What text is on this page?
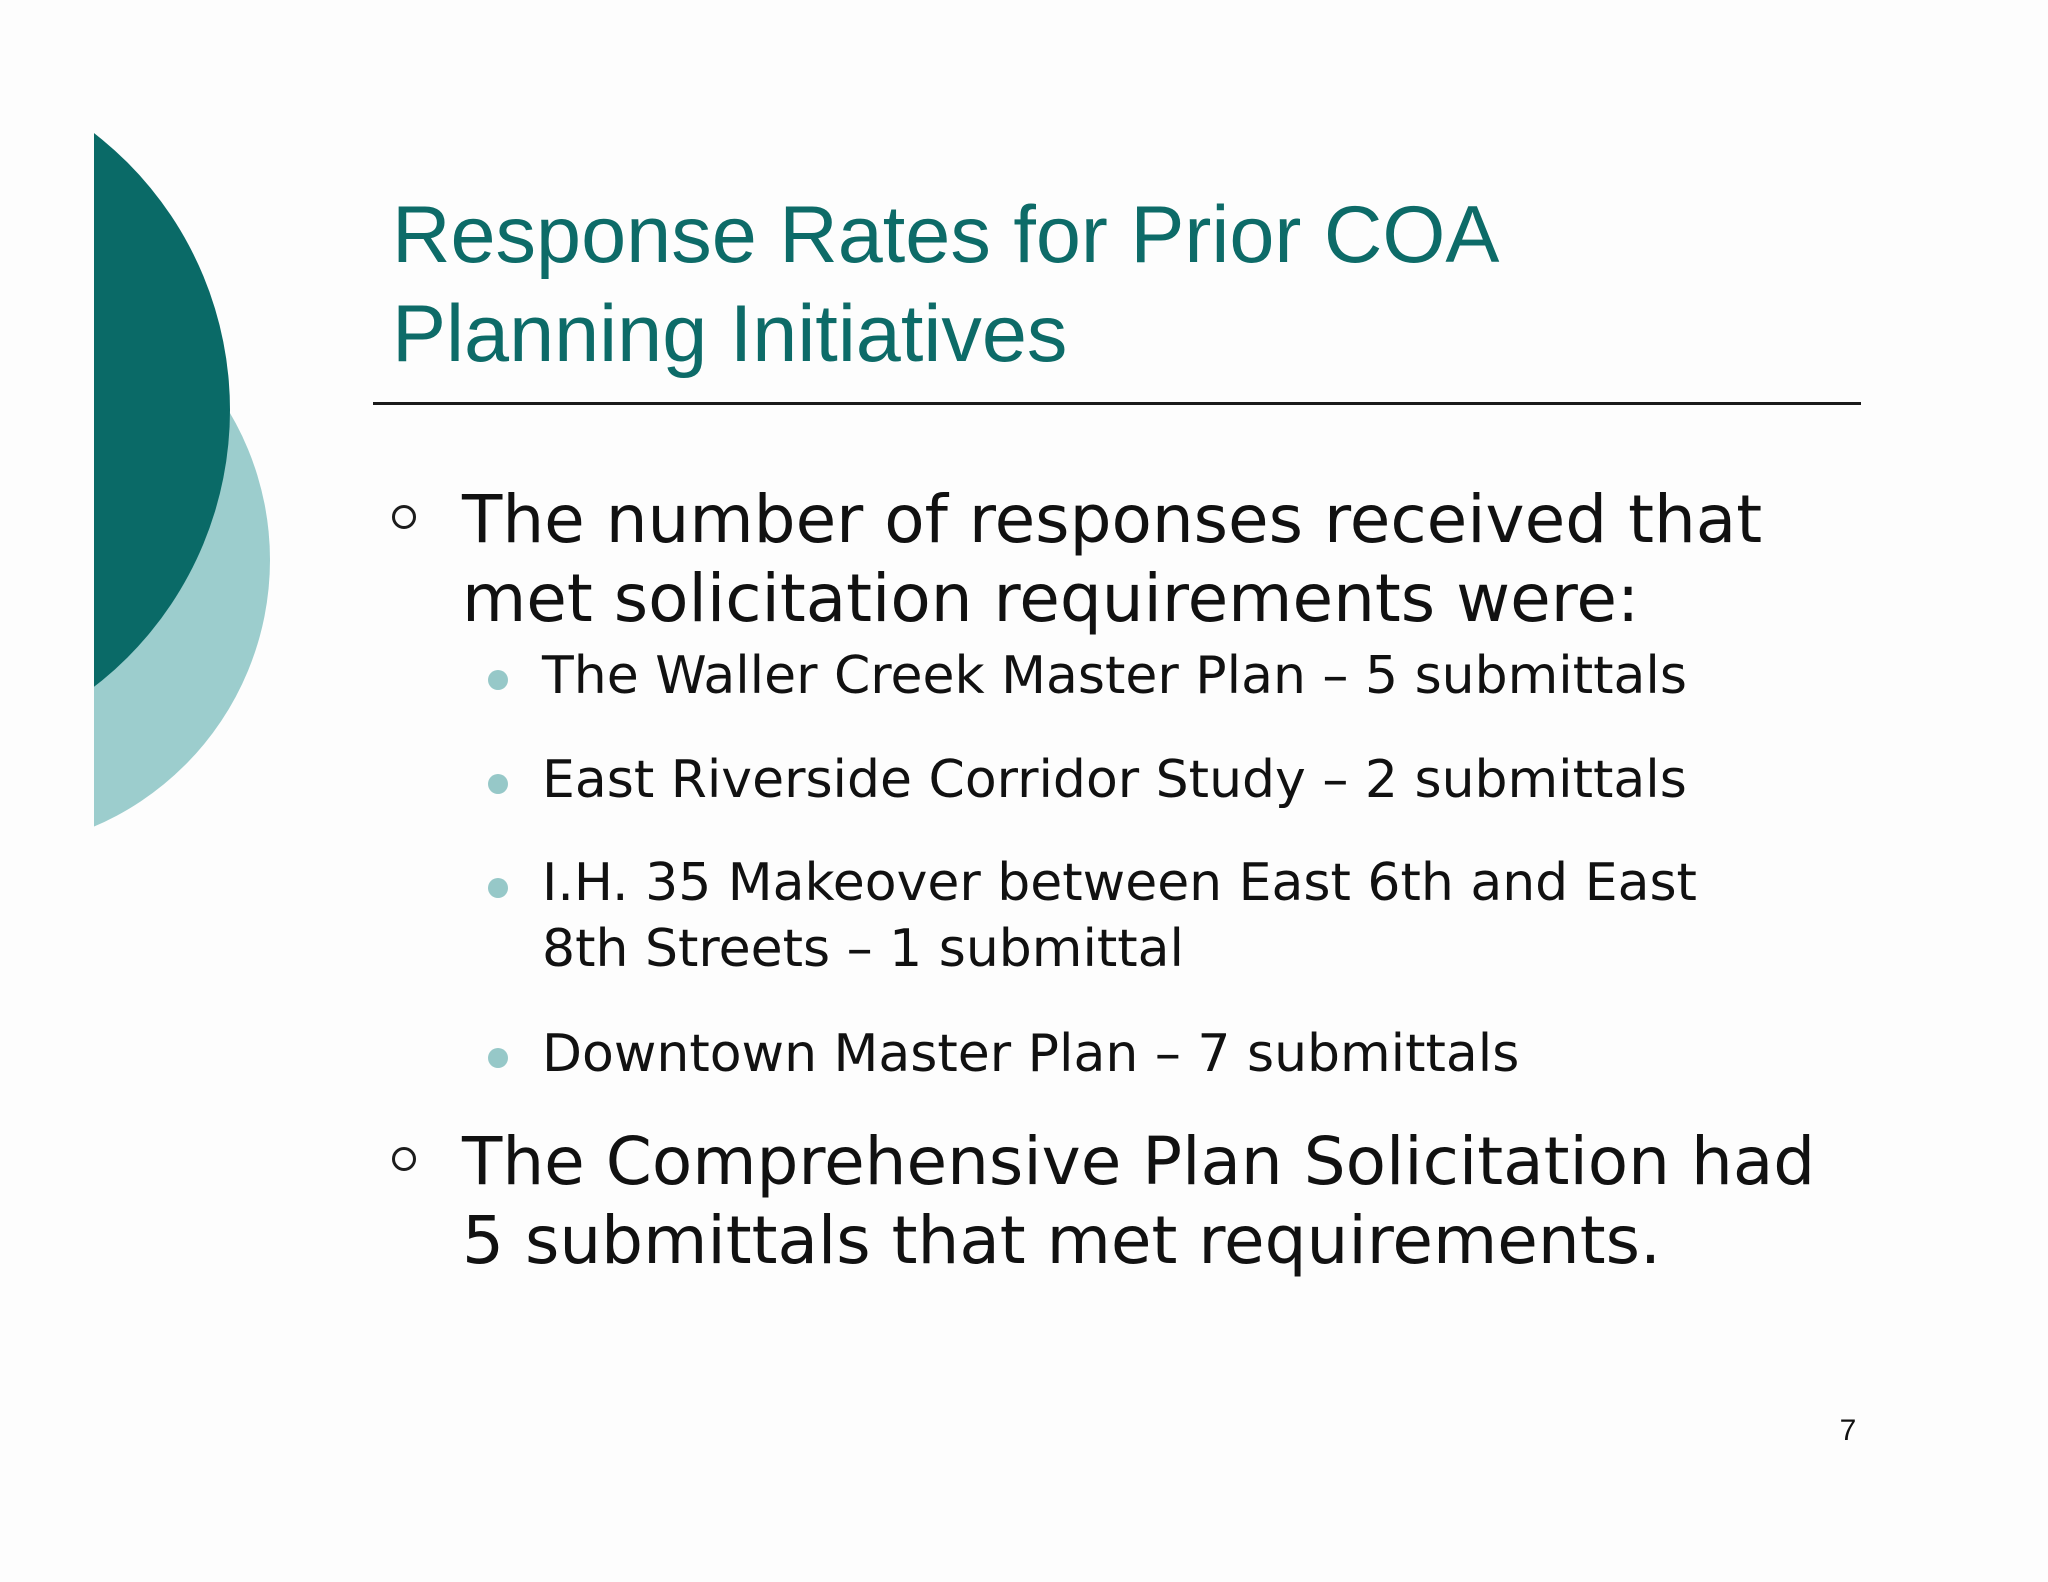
Response Rates for Prior COA
Planning Initiatives
The number of responses received that
met solicitation requirements were:
The Waller Creek Master Plan – 5 submittals
East Riverside Corridor Study – 2 submittals
I.H. 35 Makeover between East 6th and East
8th Streets – 1 submittal
Downtown Master Plan – 7 submittals
The Comprehensive Plan Solicitation had
5 submittals that met requirements.
7
